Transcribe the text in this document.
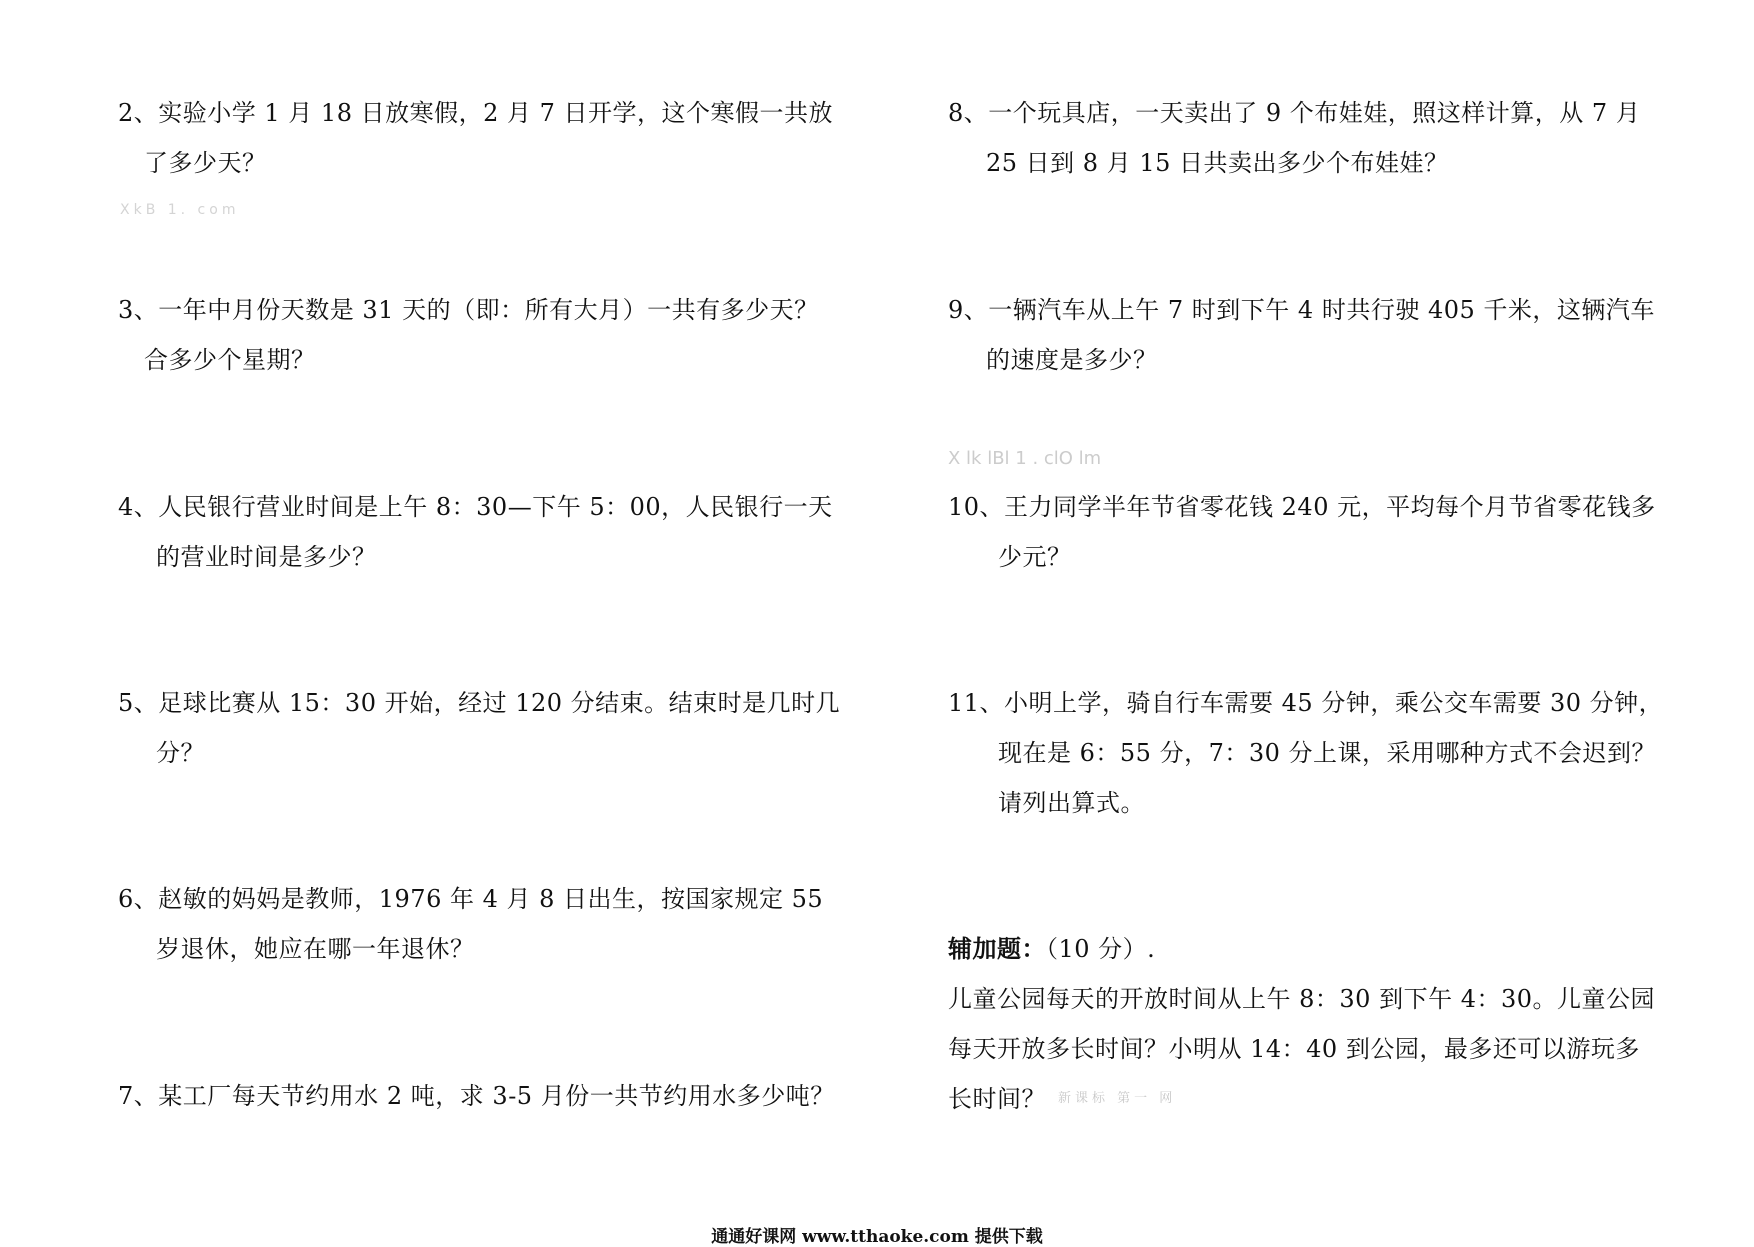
2、实验小学 1 月 18 日放寒假，2 月 7 日开学，这个寒假一共放
了多少天？
3、一年中月份天数是 31 天的（即：所有大月）一共有多少天？
合多少个星期？
4、人民银行营业时间是上午 8：30—下午 5：00，人民银行一天
的营业时间是多少？
5、足球比赛从 15：30 开始，经过 120 分结束。结束时是几时几
分？
6、赵敏的妈妈是教师，1976 年 4 月 8 日出生，按国家规定 55
岁退休，她应在哪一年退休？
7、某工厂每天节约用水 2 吨，求 3-5 月份一共节约用水多少吨？
8、一个玩具店，一天卖出了 9 个布娃娃，照这样计算，从 7 月
25 日到 8 月 15 日共卖出多少个布娃娃？
9、一辆汽车从上午 7 时到下午 4 时共行驶 405 千米，这辆汽车
的速度是多少？
10、王力同学半年节省零花钱 240 元，平均每个月节省零花钱多
少元？
11、小明上学，骑自行车需要 45 分钟，乘公交车需要 30 分钟，
现在是 6：55 分，7：30 分上课，采用哪种方式不会迟到？
请列出算式。
辅加题：（10 分）.
儿童公园每天的开放时间从上午 8：30 到下午 4：30。儿童公园
每天开放多长时间？小明从 14：40 到公园，最多还可以游玩多
长时间？ 新课标 第一 网
XkB 1. com
X lk lBl 1 . clO lm
通通好课网 www.tthaoke.com 提供下载
